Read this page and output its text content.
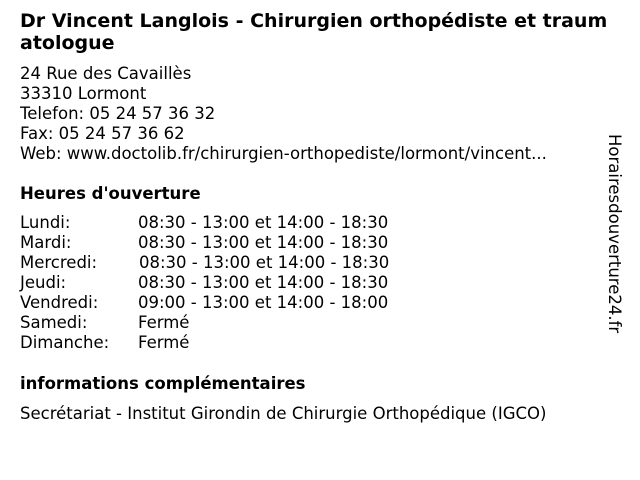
Dr Vincent Langlois - Chirurgien orthopédiste et traumatologue
24 Rue des Cavaillès
33310 Lormont
Telefon: 05 24 57 36 32
Fax: 05 24 57 36 62
Web: www.doctolib.fr/chirurgien-orthopediste/lormont/vincent...
Heures d'ouverture
Lundi:	08:30 - 13:00 et 14:00 - 18:30
Mardi:	08:30 - 13:00 et 14:00 - 18:30
Mercredi:	08:30 - 13:00 et 14:00 - 18:30
Jeudi:	08:30 - 13:00 et 14:00 - 18:30
Vendredi: 09:00 - 13:00 et 14:00 - 18:00
Samedi:	Fermé
Dimanche: Fermé
informations complémentaires
Secrétariat - Institut Girondin de Chirurgie Orthopédique (IGCO)
Horairesdouverture24.fr
